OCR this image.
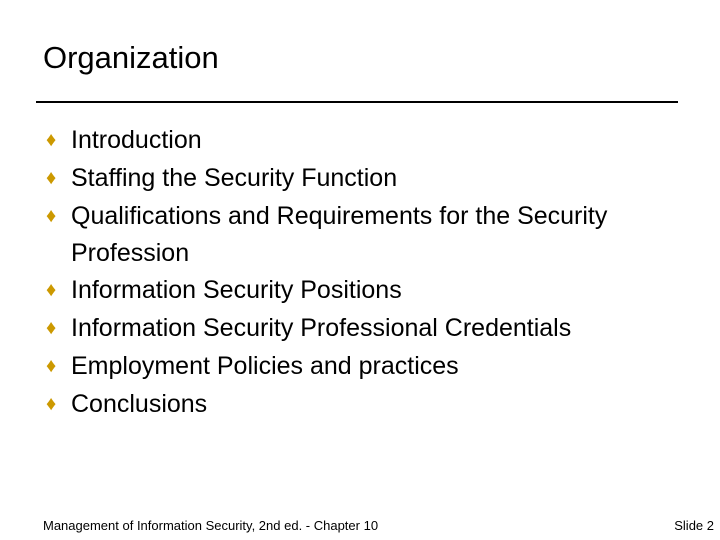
Organization
♦ Introduction
♦ Staffing the Security Function
♦ Qualifications and Requirements for the Security Profession
♦ Information Security Positions
♦ Information Security Professional Credentials
♦ Employment Policies and practices
♦ Conclusions
Management of Information Security, 2nd ed. - Chapter 10	Slide 2
